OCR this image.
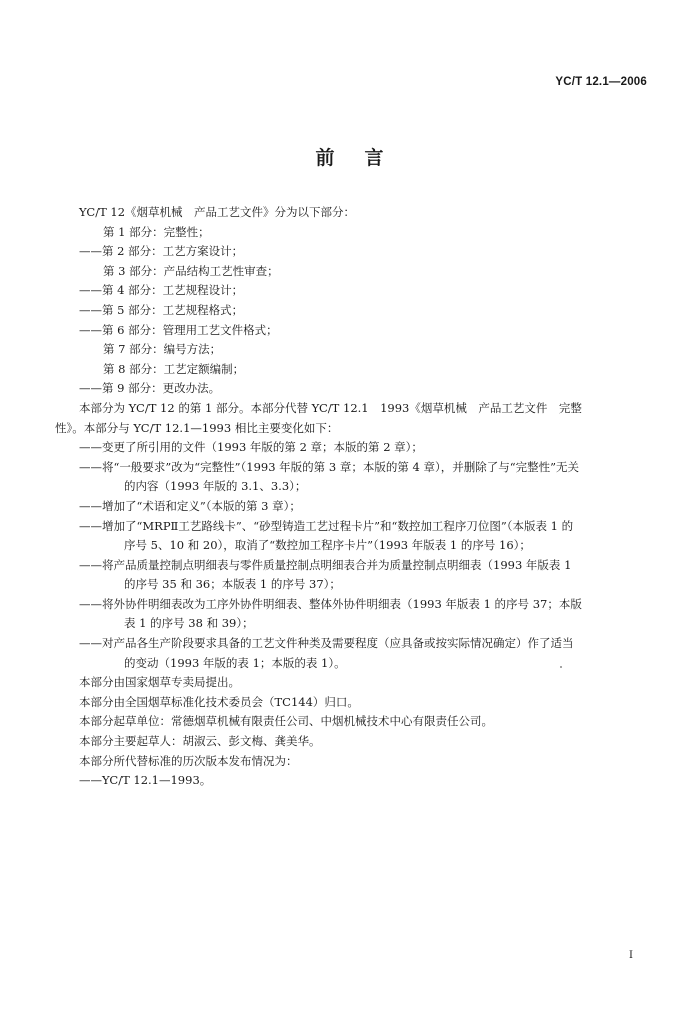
YC/T 12.1—2006
前言
YC/T 12《烟草机械　产品工艺文件》分为以下部分：
第 1 部分：完整性；
——第 2 部分：工艺方案设计；
第 3 部分：产品结构工艺性审查；
——第 4 部分：工艺规程设计；
——第 5 部分：工艺规程格式；
——第 6 部分：管理用工艺文件格式；
第 7 部分：编号方法；
第 8 部分：工艺定额编制；
——第 9 部分：更改办法。
本部分为 YC/T 12 的第 1 部分。本部分代替 YC/T 12.1　1993《烟草机械　产品工艺文件　完整
性》。本部分与 YC/T 12.1—1993 相比主要变化如下：
——变更了所引用的文件（1993 年版的第 2 章；本版的第 2 章）；
——将“一般要求”改为“完整性”（1993 年版的第 3 章；本版的第 4 章），并删除了与“完整性”无关
的内容（1993 年版的 3.1、3.3）；
——增加了“术语和定义”（本版的第 3 章）；
——增加了“MRPⅡ工艺路线卡”、“砂型铸造工艺过程卡片”和“数控加工程序刀位图”（本版表 1 的
序号 5、10 和 20），取消了“数控加工程序卡片”（1993 年版表 1 的序号 16）；
——将产品质量控制点明细表与零件质量控制点明细表合并为质量控制点明细表（1993 年版表 1
的序号 35 和 36；本版表 1 的序号 37）；
——将外协件明细表改为工序外协件明细表、整体外协件明细表（1993 年版表 1 的序号 37；本版
表 1 的序号 38 和 39）；
——对产品各生产阶段要求具备的工艺文件种类及需要程度（应具备或按实际情况确定）作了适当
的变动（1993 年版的表 1；本版的表 1）。
本部分由国家烟草专卖局提出。
本部分由全国烟草标准化技术委员会（TC144）归口。
本部分起草单位：常德烟草机械有限责任公司、中烟机械技术中心有限责任公司。
本部分主要起草人：胡淑云、彭文梅、龚美华。
本部分所代替标准的历次版本发布情况为：
——YC/T 12.1—1993。
I
